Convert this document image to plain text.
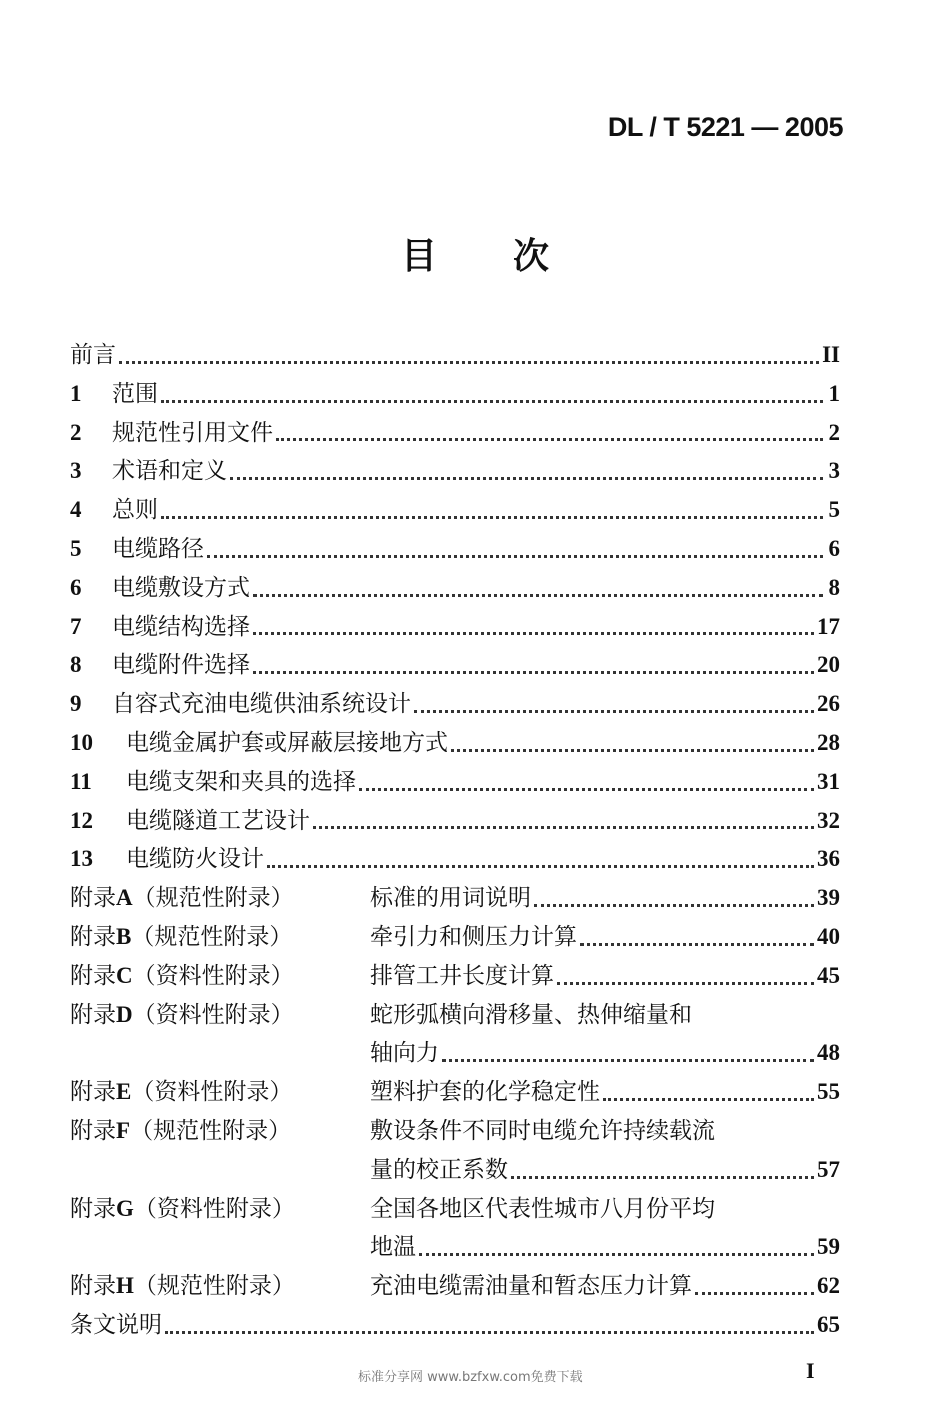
DL / T 5221 — 2005
目 次
前言	II
1	范围	1
2	规范性引用文件	2
3	术语和定义	3
4	总则	5
5	电缆路径	6
6	电缆敷设方式	8
7	电缆结构选择	17
8	电缆附件选择	20
9	自容式充油电缆供油系统设计	26
10	电缆金属护套或屏蔽层接地方式	28
11	电缆支架和夹具的选择	31
12	电缆隧道工艺设计	32
13	电缆防火设计	36
附录A（规范性附录）	标准的用词说明	39
附录B（规范性附录）	牵引力和侧压力计算	40
附录C（资料性附录）	排管工井长度计算	45
附录D（资料性附录）	蛇形弧横向滑移量、热伸缩量和
轴向力	48
附录E（资料性附录）	塑料护套的化学稳定性	55
附录F（规范性附录）	敷设条件不同时电缆允许持续载流
量的校正系数	57
附录G（资料性附录）	全国各地区代表性城市八月份平均
地温	59
附录H（规范性附录）	充油电缆需油量和暂态压力计算	62
条文说明	65
标准分享网 www.bzfxw.com免费下载	I
